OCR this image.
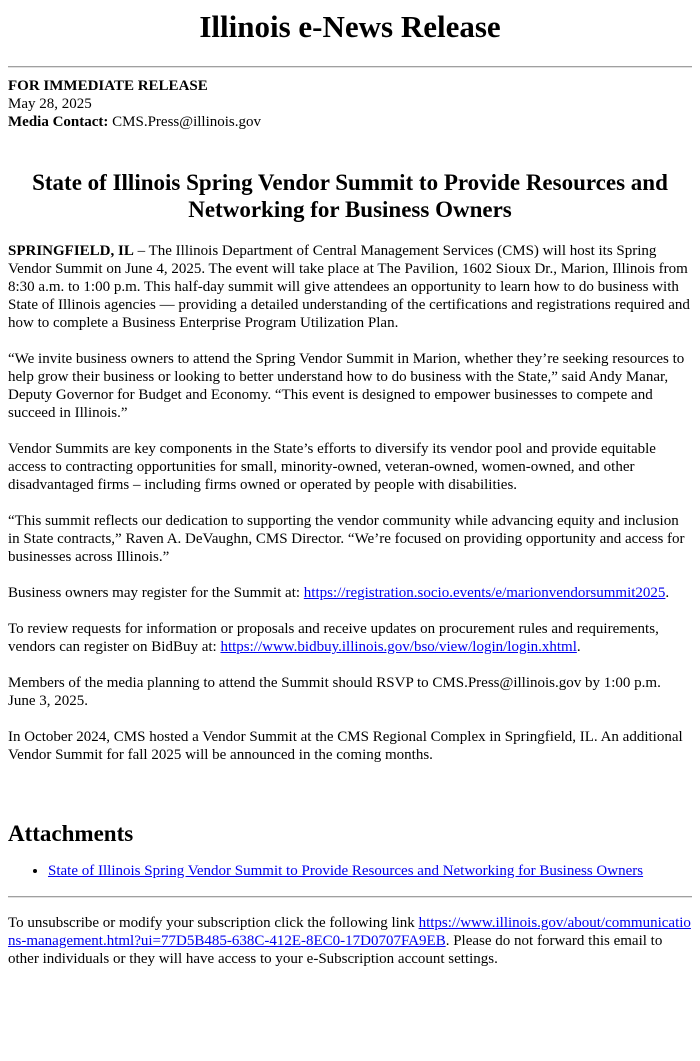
Illinois e-News Release
FOR IMMEDIATE RELEASE
May 28, 2025
Media Contact: CMS.Press@illinois.gov
State of Illinois Spring Vendor Summit to Provide Resources and Networking for Business Owners

SPRINGFIELD, IL – The Illinois Department of Central Management Services (CMS) will host its Spring Vendor Summit on June 4, 2025. The event will take place at The Pavilion, 1602 Sioux Dr., Marion, Illinois from 8:30 a.m. to 1:00 p.m. This half-day summit will give attendees an opportunity to learn how to do business with State of Illinois agencies — providing a detailed understanding of the certifications and registrations required and how to complete a Business Enterprise Program Utilization Plan.

“We invite business owners to attend the Spring Vendor Summit in Marion, whether they’re seeking resources to help grow their business or looking to better understand how to do business with the State,” said Andy Manar, Deputy Governor for Budget and Economy. “This event is designed to empower businesses to compete and succeed in Illinois.”

Vendor Summits are key components in the State’s efforts to diversify its vendor pool and provide equitable access to contracting opportunities for small, minority-owned, veteran-owned, women-owned, and other disadvantaged firms – including firms owned or operated by people with disabilities.

“This summit reflects our dedication to supporting the vendor community while advancing equity and inclusion in State contracts,” Raven A. DeVaughn, CMS Director. “We’re focused on providing opportunity and access for businesses across Illinois.”

Business owners may register for the Summit at: https://registration.socio.events/e/marionvendorsummit2025.

To review requests for information or proposals and receive updates on procurement rules and requirements, vendors can register on BidBuy at: https://www.bidbuy.illinois.gov/bso/view/login/login.xhtml.

Members of the media planning to attend the Summit should RSVP to CMS.Press@illinois.gov by 1:00 p.m. June 3, 2025.

In October 2024, CMS hosted a Vendor Summit at the CMS Regional Complex in Springfield, IL. An additional Vendor Summit for fall 2025 will be announced in the coming months.

Attachments
• State of Illinois Spring Vendor Summit to Provide Resources and Networking for Business Owners
To unsubscribe or modify your subscription click the following link https://www.illinois.gov/about/communications-management.html?ui=77D5B485-638C-412E-8EC0-17D0707FA9EB. Please do not forward this email to other individuals or they will have access to your e-Subscription account settings.
